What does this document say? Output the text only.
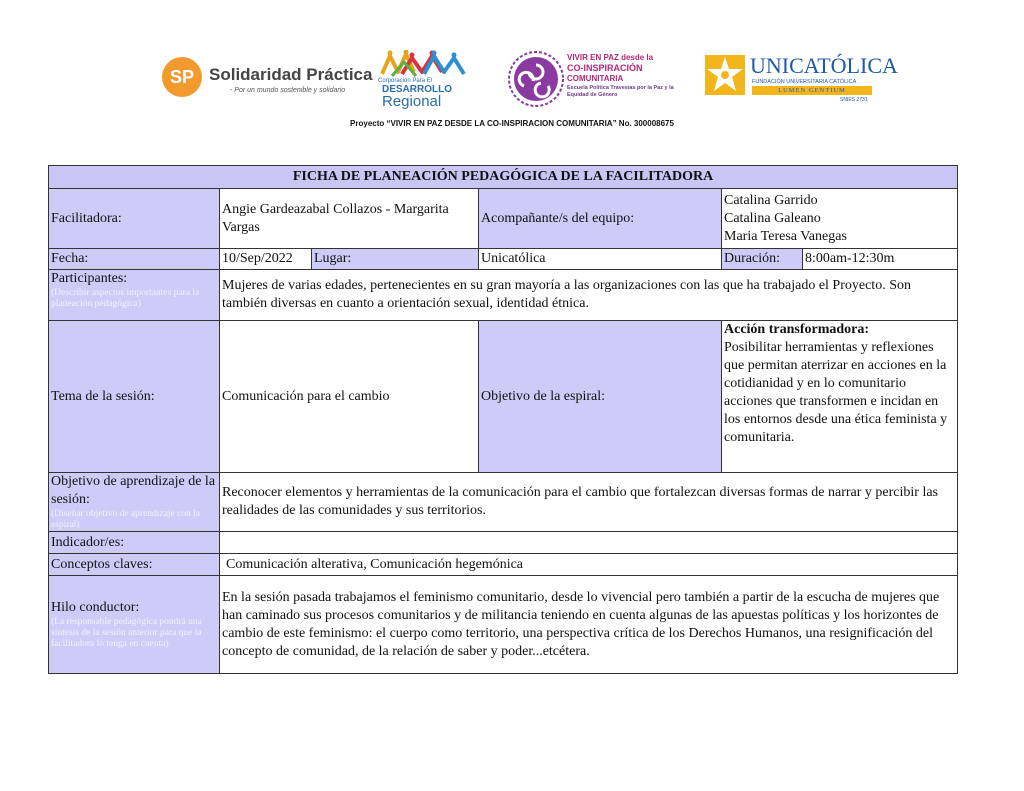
SP Solidaridad Práctica
- Por un mundo sostenible y solidario
Corporación Para El
DESARROLLO
Regional
VIVIR EN PAZ desde la
CO-INSPIRACIÓN
COMUNITARIA
Escuela Política Travesías por la Paz y la Equidad de Género
UNICATÓLICA
FUNDACIÓN UNIVERSITARIA CATÓLICA
LUMEN GENTIUM
SNIES 2731
Proyecto “VIVIR EN PAZ DESDE LA CO-INSPIRACION COMUNITARIA” No. 300008675
FICHA DE PLANEACIÓN PEDAGÓGICA DE LA FACILITADORA					
Facilitadora:	Angie Gardeazabal Collazos - Margarita Vargas		Acompañante/s del equipo:	Catalina Garrido
Catalina Galeano
Maria Teresa Vanegas	

Fecha:	10/Sep/2022	Lugar:	Unicatólica	Duración:	8:00am-12:30m
Participantes:
(Describir aspectos importantes para la planeación pedagógica)	Mujeres de varias edades, pertenecientes en su gran mayoría a las organizaciones con las que ha trabajado el Proyecto. Son también diversas en cuanto a orientación sexual, identidad étnica.				
Tema de la sesión:	Comunicación para el cambio		Objetivo de la espiral:	Acción transformadora:
Posibilitar herramientas y reflexiones que permitan aterrizar en acciones en la cotidianidad y en lo comunitario acciones que transformen e incidan en los entornos desde una ética feminista y comunitaria.	

Objetivo de aprendizaje de la sesión:
(Diseñar objetivo de aprendizaje con la espiral)	Reconocer elementos y herramientas de la comunicación para el cambio que fortalezcan diversas formas de narrar y percibir las realidades de las comunidades y sus territorios.				
Indicador/es:					
Conceptos claves:	Comunicación alterativa, Comunicación hegemónica				
Hilo conductor:
(La responsable pedagógica pondrá una síntesis de la sesión anterior para que la facilitadora lo tenga en cuenta)	En la sesión pasada trabajamos el feminismo comunitario, desde lo vivencial pero también a partir de la escucha de mujeres que han caminado sus procesos comunitarios y de militancia teniendo en cuenta algunas de las apuestas políticas y los horizontes de cambio de este feminismo: el cuerpo como territorio, una perspectiva crítica de los Derechos Humanos, una resignificación del concepto de comunidad, de la relación de saber y poder...etcétera.				
